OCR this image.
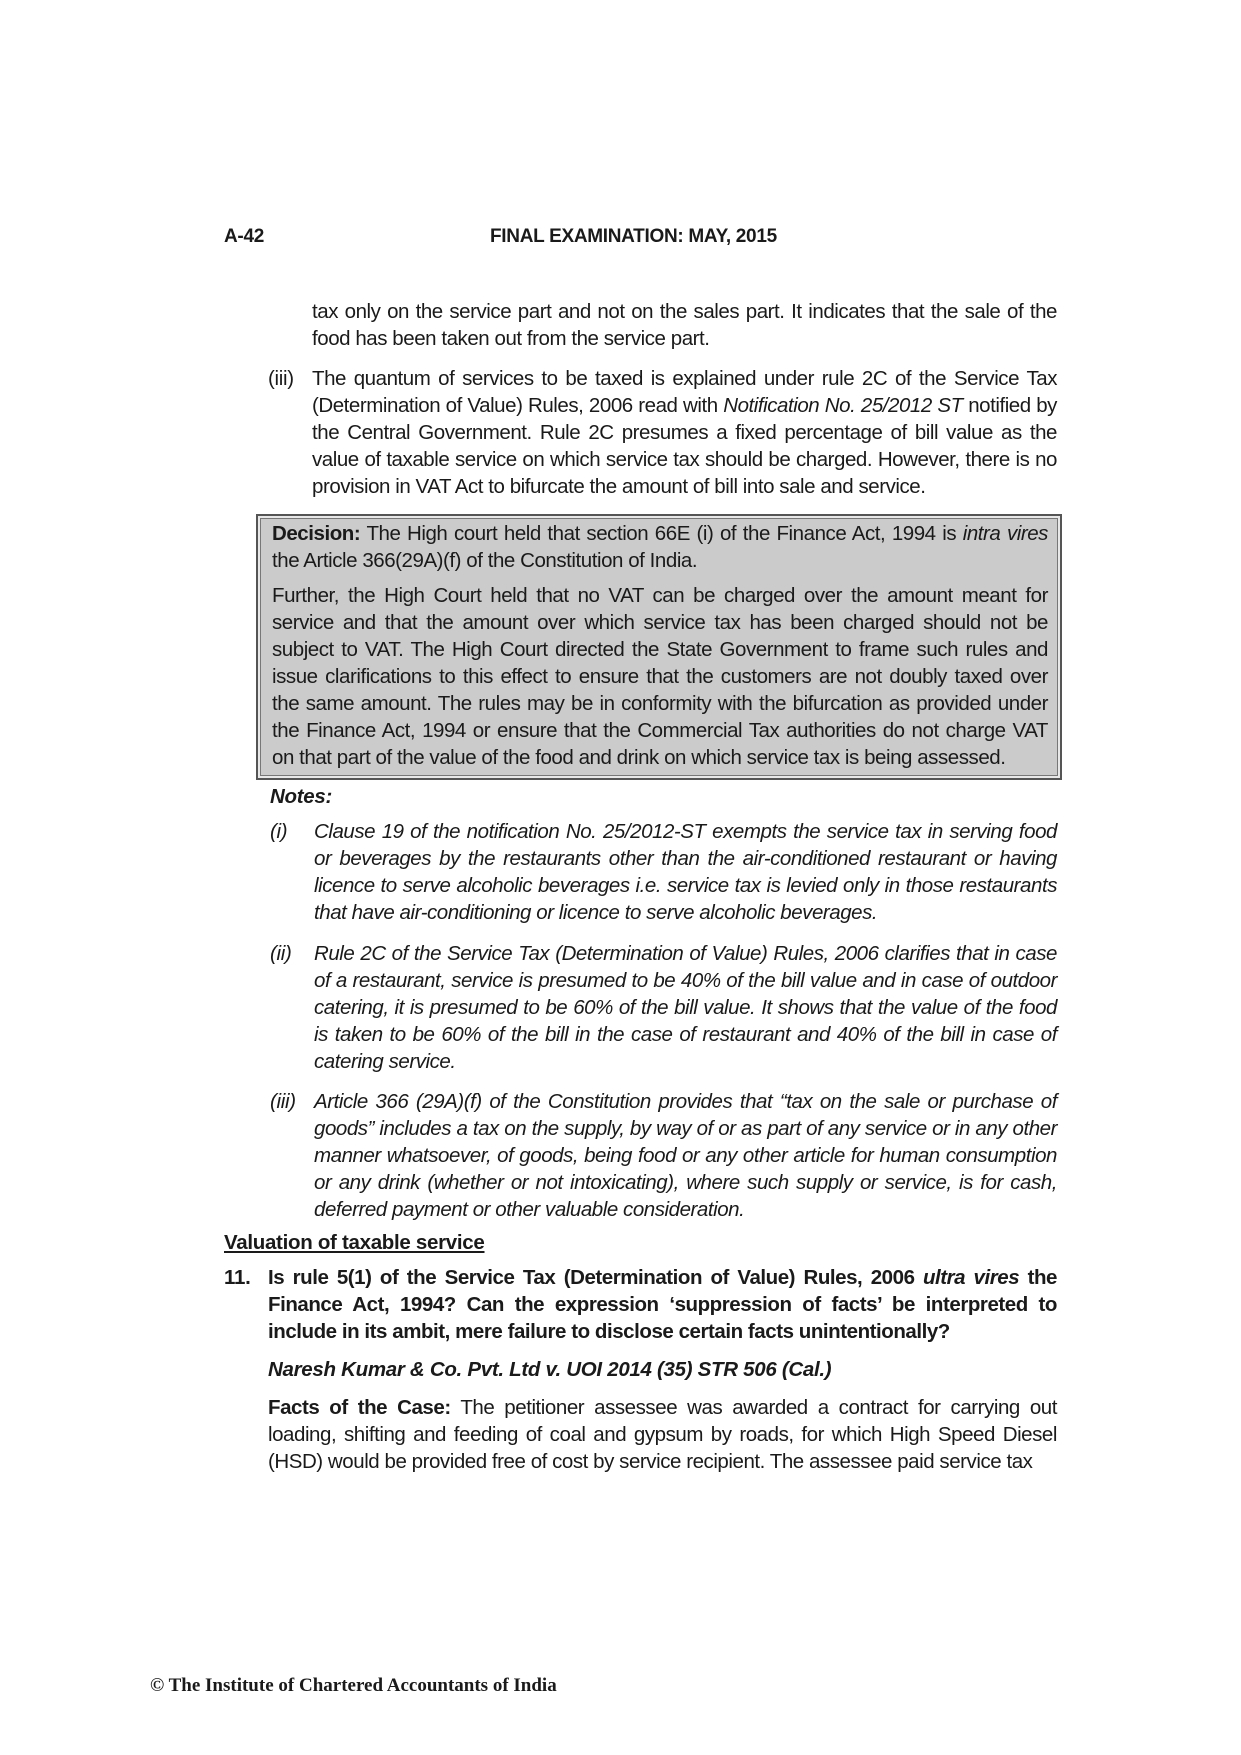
A-42	FINAL EXAMINATION: MAY, 2015

tax only on the service part and not on the sales part. It indicates that the sale of the food has been taken out from the service part.

(iii) The quantum of services to be taxed is explained under rule 2C of the Service Tax (Determination of Value) Rules, 2006 read with Notification No. 25/2012 ST notified by the Central Government. Rule 2C presumes a fixed percentage of bill value as the value of taxable service on which service tax should be charged. However, there is no provision in VAT Act to bifurcate the amount of bill into sale and service.

Decision: The High court held that section 66E (i) of the Finance Act, 1994 is intra vires the Article 366(29A)(f) of the Constitution of India.

Further, the High Court held that no VAT can be charged over the amount meant for service and that the amount over which service tax has been charged should not be subject to VAT. The High Court directed the State Government to frame such rules and issue clarifications to this effect to ensure that the customers are not doubly taxed over the same amount. The rules may be in conformity with the bifurcation as provided under the Finance Act, 1994 or ensure that the Commercial Tax authorities do not charge VAT on that part of the value of the food and drink on which service tax is being assessed.

Notes:
(i) Clause 19 of the notification No. 25/2012-ST exempts the service tax in serving food or beverages by the restaurants other than the air-conditioned restaurant or having licence to serve alcoholic beverages i.e. service tax is levied only in those restaurants that have air-conditioning or licence to serve alcoholic beverages.
(ii) Rule 2C of the Service Tax (Determination of Value) Rules, 2006 clarifies that in case of a restaurant, service is presumed to be 40% of the bill value and in case of outdoor catering, it is presumed to be 60% of the bill value. It shows that the value of the food is taken to be 60% of the bill in the case of restaurant and 40% of the bill in case of catering service.
(iii) Article 366 (29A)(f) of the Constitution provides that “tax on the sale or purchase of goods” includes a tax on the supply, by way of or as part of any service or in any other manner whatsoever, of goods, being food or any other article for human consumption or any drink (whether or not intoxicating), where such supply or service, is for cash, deferred payment or other valuable consideration.
Valuation of taxable service
11. Is rule 5(1) of the Service Tax (Determination of Value) Rules, 2006 ultra vires the Finance Act, 1994? Can the expression ‘suppression of facts’ be interpreted to include in its ambit, mere failure to disclose certain facts unintentionally?

Naresh Kumar & Co. Pvt. Ltd v. UOI 2014 (35) STR 506 (Cal.)

Facts of the Case: The petitioner assessee was awarded a contract for carrying out loading, shifting and feeding of coal and gypsum by roads, for which High Speed Diesel (HSD) would be provided free of cost by service recipient. The assessee paid service tax

© The Institute of Chartered Accountants of India
